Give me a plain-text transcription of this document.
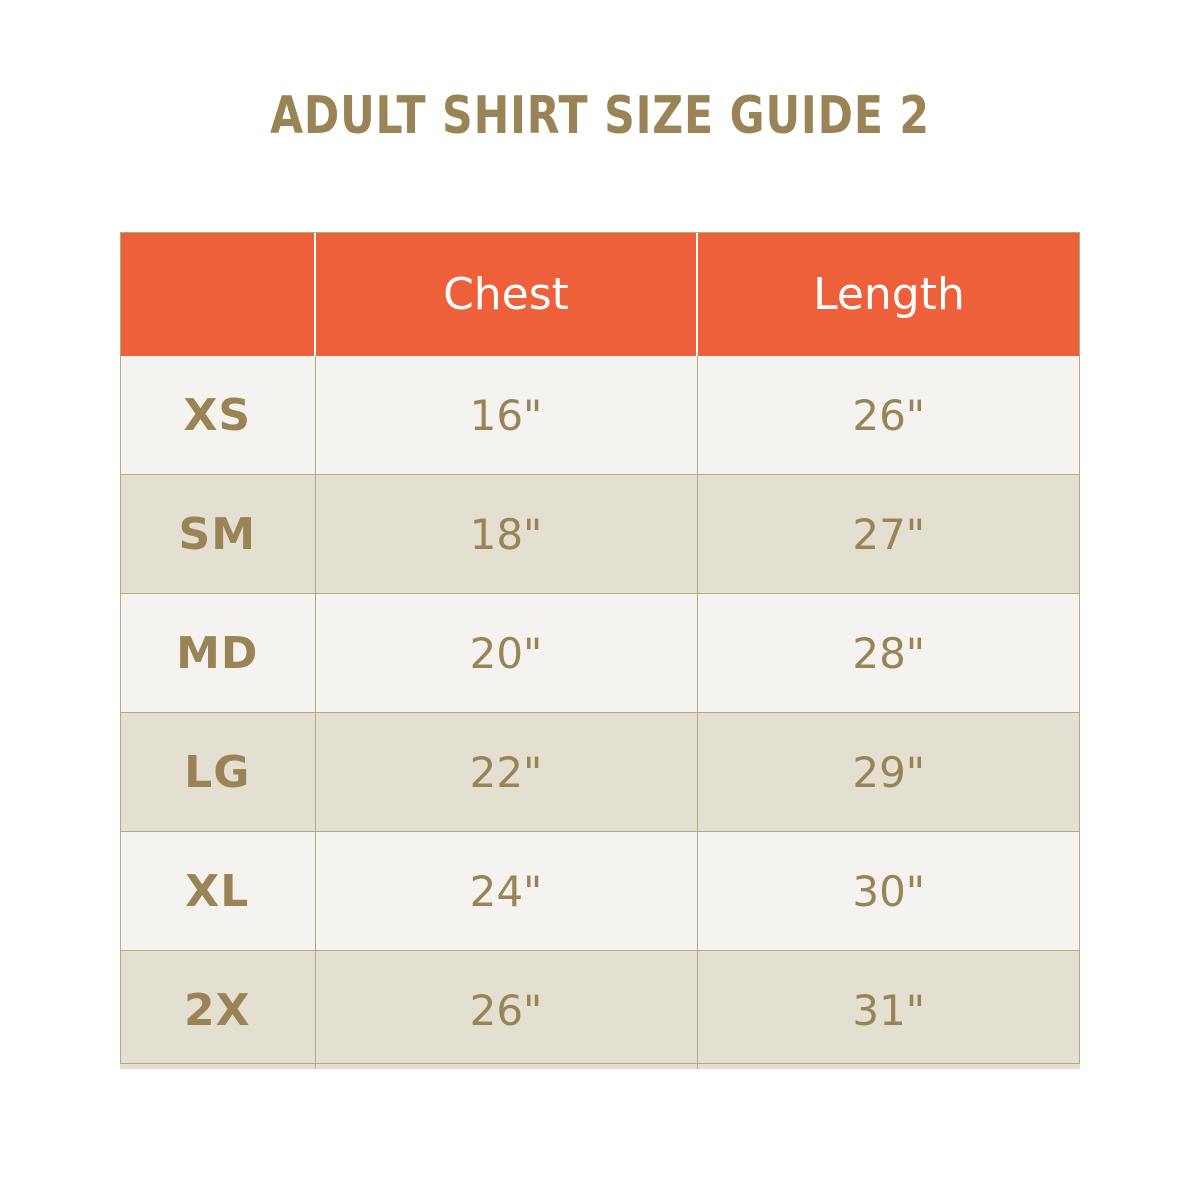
ADULT SHIRT SIZE GUIDE 2
	Chest	Length
XS	16"	26"
SM	18"	27"
MD	20"	28"
LG	22"	29"
XL	24"	30"
2X	26"	31"
